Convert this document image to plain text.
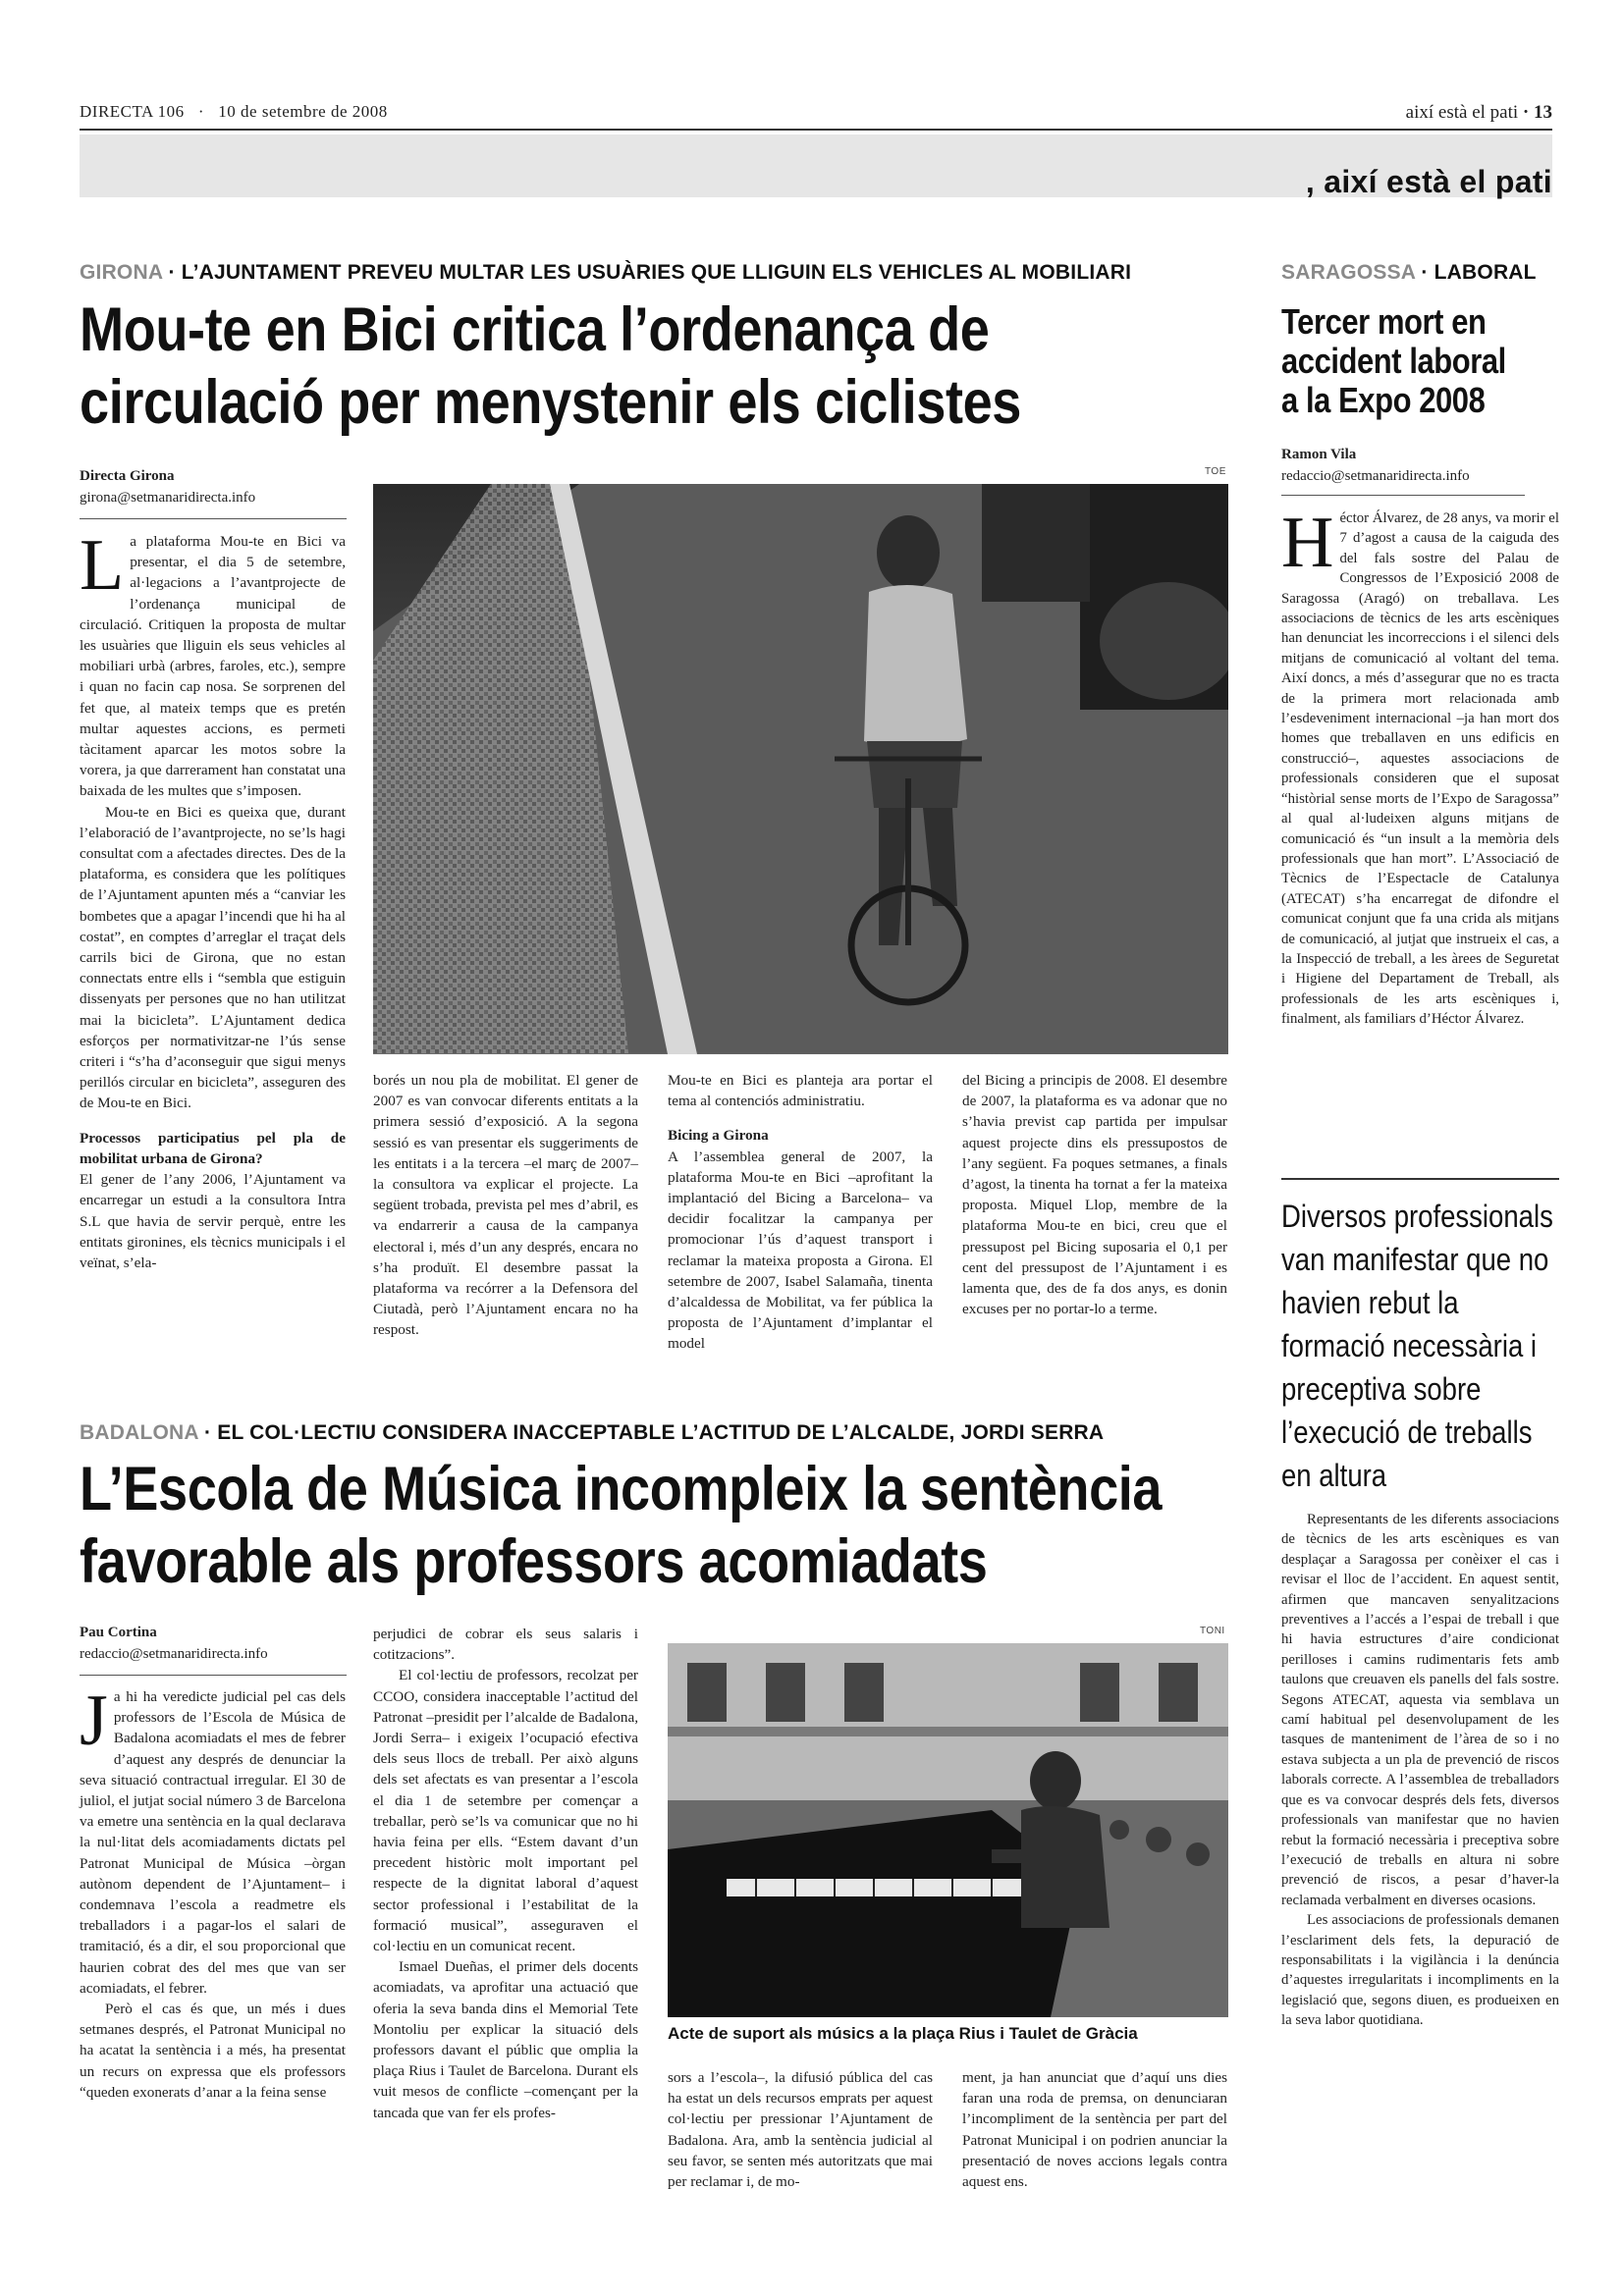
DIRECTA 106 · 10 de setembre de 2008	així està el pati · 13
, així està el pati
GIRONA · L’AJUNTAMENT PREVEU MULTAR LES USUÀRIES QUE LLIGUIN ELS VEHICLES AL MOBILIARI
Mou-te en Bici critica l’ordenança de
circulació per menystenir els ciclistes
Directa Girona
girona@setmanaridirecta.info
TOE

La plataforma Mou-te en Bici va presentar, el dia 5 de setembre, al·legacions a l’avantprojecte de l’ordenança municipal de circulació. Critiquen la proposta de multar les usuàries que lliguin els seus vehicles al mobiliari urbà (arbres, faroles, etc.), sempre i quan no facin cap nosa. Se sorprenen del fet que, al mateix temps que es pretén multar aquestes accions, es permeti tàcitament aparcar les motos sobre la vorera, ja que darrerament han constatat una baixada de les multes que s’imposen.

Mou-te en Bici es queixa que, durant l’elaboració de l’avantprojecte, no se’ls hagi consultat com a afectades directes. Des de la plataforma, es considera que les polítiques de l’Ajuntament apunten més a “canviar les bombetes que a apagar l’incendi que hi ha al costat”, en comptes d’arreglar el traçat dels carrils bici de Girona, que no estan connectats entre ells i “sembla que estiguin dissenyats per persones que no han utilitzat mai la bicicleta”. L’Ajuntament dedica esforços per normativitzar-ne l’ús sense criteri i “s’ha d’aconseguir que sigui menys perillós circular en bicicleta”, asseguren des de Mou-te en Bici.

Processos participatius pel pla de mobilitat urbana de Girona?

El gener de l’any 2006, l’Ajuntament va encarregar un estudi a la consultora Intra S.L que havia de servir perquè, entre les entitats gironines, els tècnics municipals i el veïnat, s’ela-

borés un nou pla de mobilitat. El gener de 2007 es van convocar diferents entitats a la primera sessió d’exposició. A la segona sessió es van presentar els suggeriments de les entitats i a la tercera –el març de 2007– la consultora va explicar el projecte. La següent trobada, prevista pel mes d’abril, es va endarrerir a causa de la campanya electoral i, més d’un any després, encara no s’ha produït. El desembre passat la plataforma va recórrer a la Defensora del Ciutadà, però l’Ajuntament encara no ha respost.

Mou-te en Bici es planteja ara portar el tema al contenciós administratiu.

Bicing a Girona

A l’assemblea general de 2007, la plataforma Mou-te en Bici –aprofitant la implantació del Bicing a Barcelona– va decidir focalitzar la campanya per promocionar l’ús d’aquest transport i reclamar la mateixa proposta a Girona. El setembre de 2007, Isabel Salamaña, tinenta d’alcaldessa de Mobilitat, va fer pública la proposta de l’Ajuntament d’implantar el model

del Bicing a principis de 2008. El desembre de 2007, la plataforma es va adonar que no s’havia previst cap partida per impulsar aquest projecte dins els pressupostos de l’any següent. Fa poques setmanes, a finals d’agost, la tinenta ha tornat a fer la mateixa proposta. Miquel Llop, membre de la plataforma Mou-te en bici, creu que el pressupost pel Bicing suposaria el 0,1 per cent del pressupost de l’Ajuntament i es lamenta que, des de fa dos anys, es donin excuses per no portar-lo a terme.

SARAGOSSA · LABORAL
Tercer mort en
accident laboral
a la Expo 2008
Ramon Vila
redaccio@setmanaridirecta.info

Héctor Álvarez, de 28 anys, va morir el 7 d’agost a causa de la caiguda des del fals sostre del Palau de Congressos de l’Exposició 2008 de Saragossa (Aragó) on treballava. Les associacions de tècnics de les arts escèniques han denunciat les incorreccions i el silenci dels mitjans de comunicació al voltant del tema. Així doncs, a més d’assegurar que no es tracta de la primera mort relacionada amb l’esdeveniment internacional –ja han mort dos homes que treballaven en uns edificis en construcció–, aquestes associacions de professionals consideren que el suposat “històrial sense morts de l’Expo de Saragossa” al qual al·ludeixen alguns mitjans de comunicació és “un insult a la memòria dels professionals que han mort”. L’Associació de Tècnics de l’Espectacle de Catalunya (ATECAT) s’ha encarregat de difondre el comunicat conjunt que fa una crida als mitjans de comunicació, al jutjat que instrueix el cas, a la Inspecció de treball, a les àrees de Seguretat i Higiene del Departament de Treball, als professionals de les arts escèniques i, finalment, als familiars d’Héctor Álvarez.

Diversos professionals van manifestar que no havien rebut la formació necessària i preceptiva sobre l’execució de treballs en altura

Representants de les diferents associacions de tècnics de les arts escèniques es van desplaçar a Saragossa per conèixer el cas i revisar el lloc de l’accident. En aquest sentit, afirmen que mancaven senyalitzacions preventives a l’accés a l’espai de treball i que hi havia estructures d’aire condicionat perilloses i camins rudimentaris fets amb taulons que creuaven els panells del fals sostre. Segons ATECAT, aquesta via semblava un camí habitual pel desenvolupament de les tasques de manteniment de l’àrea de so i no estava subjecta a un pla de prevenció de riscos laborals correcte. A l’assemblea de treballadors que es va convocar després dels fets, diversos professionals van manifestar que no havien rebut la formació necessària i preceptiva sobre l’execució de treballs en altura ni sobre prevenció de riscos, a pesar d’haver-la reclamada verbalment en diverses ocasions.

Les associacions de professionals demanen l’esclariment dels fets, la depuració de responsabilitats i la vigilància i la denúncia d’aquestes irregularitats i incompliments en la legislació que, segons diuen, es produeixen en la seva labor quotidiana.

BADALONA · EL COL·LECTIU CONSIDERA INACCEPTABLE L’ACTITUD DE L’ALCALDE, JORDI SERRA
L’Escola de Música incompleix la sentència
favorable als professors acomiadats
Pau Cortina
redaccio@setmanaridirecta.info
TONI
Acte de suport als músics a la plaça Rius i Taulet de Gràcia

Ja hi ha veredicte judicial pel cas dels professors de l’Escola de Música de Badalona acomiadats el mes de febrer d’aquest any després de denunciar la seva situació contractual irregular. El 30 de juliol, el jutjat social número 3 de Barcelona va emetre una sentència en la qual declarava la nul·litat dels acomiadaments dictats pel Patronat Municipal de Música –òrgan autònom dependent de l’Ajuntament– i condemnava l’escola a readmetre els treballadors i a pagar-los el salari de tramitació, és a dir, el sou proporcional que haurien cobrat des del mes que van ser acomiadats, el febrer.

Però el cas és que, un més i dues setmanes després, el Patronat Municipal no ha acatat la sentència i a més, ha presentat un recurs on expressa que els professors “queden exonerats d’anar a la feina sense

perjudici de cobrar els seus salaris i cotitzacions”.

El col·lectiu de professors, recolzat per CCOO, considera inacceptable l’actitud del Patronat –presidit per l’alcalde de Badalona, Jordi Serra– i exigeix l’ocupació efectiva dels seus llocs de treball. Per això alguns dels set afectats es van presentar a l’escola el dia 1 de setembre per començar a treballar, però se’ls va comunicar que no hi havia feina per ells. “Estem davant d’un precedent històric molt important pel respecte de la dignitat laboral d’aquest sector professional i l’estabilitat de la formació musical”, asseguraven el col·lectiu en un comunicat recent.

Ismael Dueñas, el primer dels docents acomiadats, va aprofitar una actuació que oferia la seva banda dins el Memorial Tete Montoliu per explicar la situació dels professors davant el públic que omplia la plaça Rius i Taulet de Barcelona. Durant els vuit mesos de conflicte –començant per la tancada que van fer els profes-

sors a l’escola–, la difusió pública del cas ha estat un dels recursos emprats per aquest col·lectiu per pressionar l’Ajuntament de Badalona. Ara, amb la sentència judicial al seu favor, se senten més autoritzats que mai per reclamar i, de mo-

ment, ja han anunciat que d’aquí uns dies faran una roda de premsa, on denunciaran l’incompliment de la sentència per part del Patronat Municipal i on podrien anunciar la presentació de noves accions legals contra aquest ens.
